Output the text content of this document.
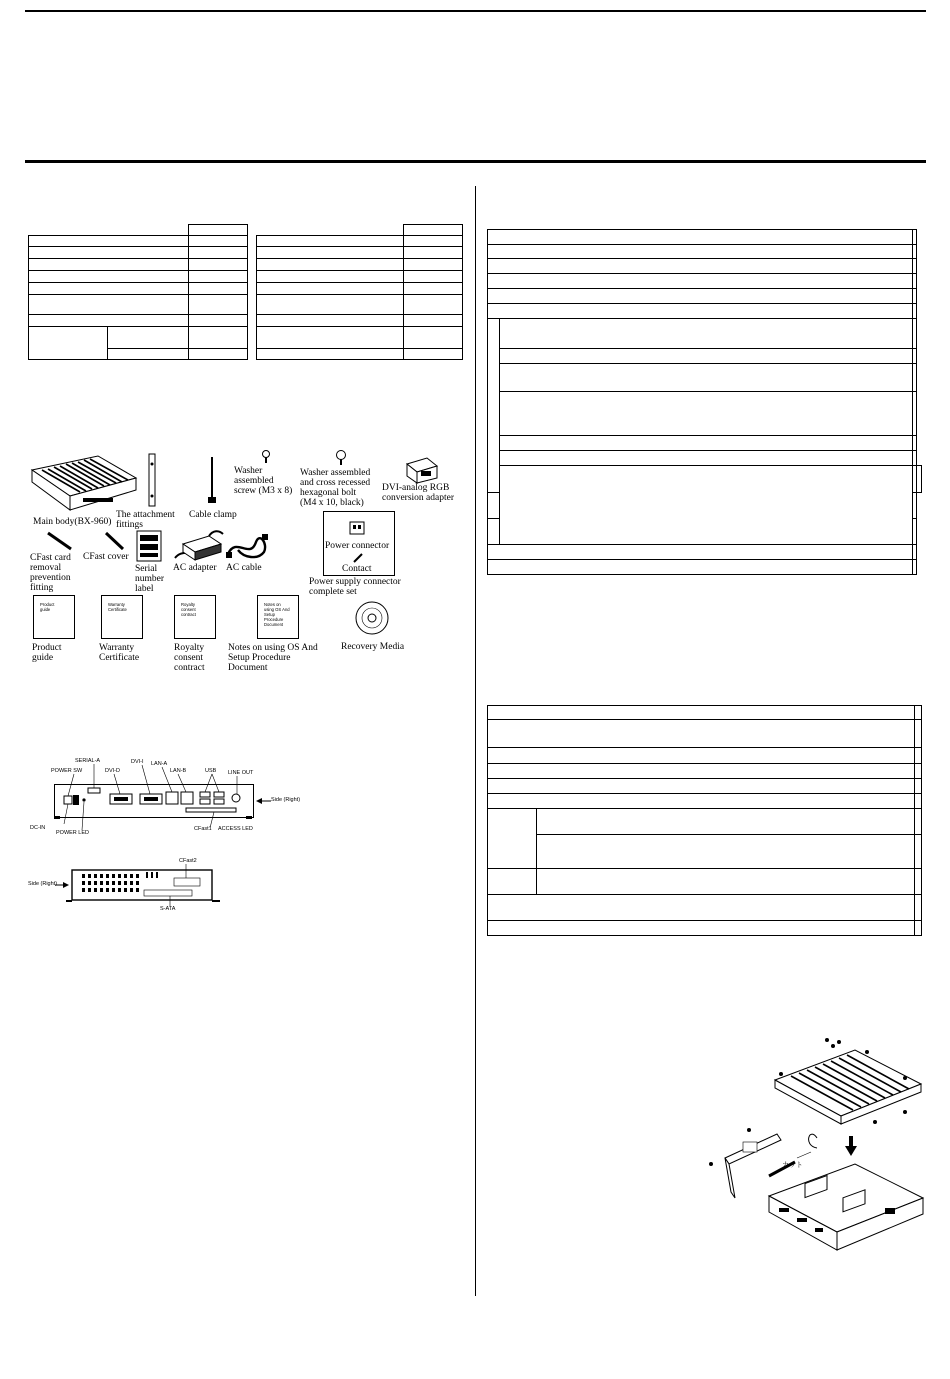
Main body(BX-960)
The attachment
fittings
Cable clamp
Washer
assembled
screw (M3 x 8)
Washer assembled
and cross recessed
hexagonal bolt
(M4 x 10, black)
DVI-analog RGB
conversion adapter
CFast card
removal
prevention
fitting
CFast cover
Serial
number
label
AC adapter AC cable
Power connector
Contact
Power supply connector
complete set
Product
guide
Product
guide
Warranty
Certificate
Warranty
Certificate
Royalty
consent
contract
Royalty
consent
contract
Notes on
using OS And
Setup
Procedure
Document
Notes on using OS And
Setup Procedure
Document
Recovery Media
SERIAL-A
POWER SW	DVI-D
DVI-I LAN-A
LAN-B	USB LINE OUT
Side (Right)
DC-IN
POWER LED
CFast1 ACCESS LED
CFast2
Side (Right)
S-ATA
カット
